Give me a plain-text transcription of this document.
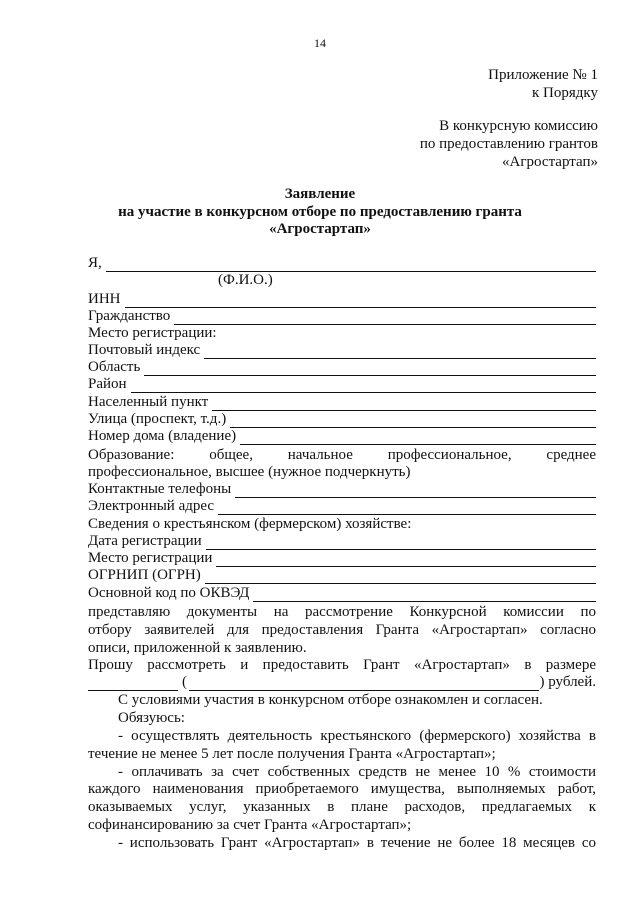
14
Приложение № 1
к Порядку
В конкурсную комиссию
по предоставлению грантов
«Агростартап»
Заявление
на участие в конкурсном отборе по предоставлению гранта
«Агростартап»
Я,
(Ф.И.О.)
ИНН
Гражданство
Место регистрации:
Почтовый индекс
Область
Район
Населенный пункт
Улица (проспект, т.д.)
Номер дома (владение)
Образование: общее, начальное профессиональное, среднее
профессиональное, высшее (нужное подчеркнуть)
Контактные телефоны
Электронный адрес
Сведения о крестьянском (фермерском) хозяйстве:
Дата регистрации
Место регистрации
ОГРНИП (ОГРН)
Основной код по ОКВЭД
представляю документы на рассмотрение Конкурсной комиссии по
отбору заявителей для предоставления Гранта «Агростартап» согласно
описи, приложенной к заявлению.
Прошу рассмотреть и предоставить Грант «Агростартап» в размере
(	) рублей.
С условиями участия в конкурсном отборе ознакомлен и согласен.
Обязуюсь:
- осуществлять деятельность крестьянского (фермерского) хозяйства в
течение не менее 5 лет после получения Гранта «Агростартап»;
- оплачивать за счет собственных средств не менее 10 % стоимости
каждого наименования приобретаемого имущества, выполняемых работ,
оказываемых услуг, указанных в плане расходов, предлагаемых к
софинансированию за счет Гранта «Агростартап»;
- использовать Грант «Агростартап» в течение не более 18 месяцев со
